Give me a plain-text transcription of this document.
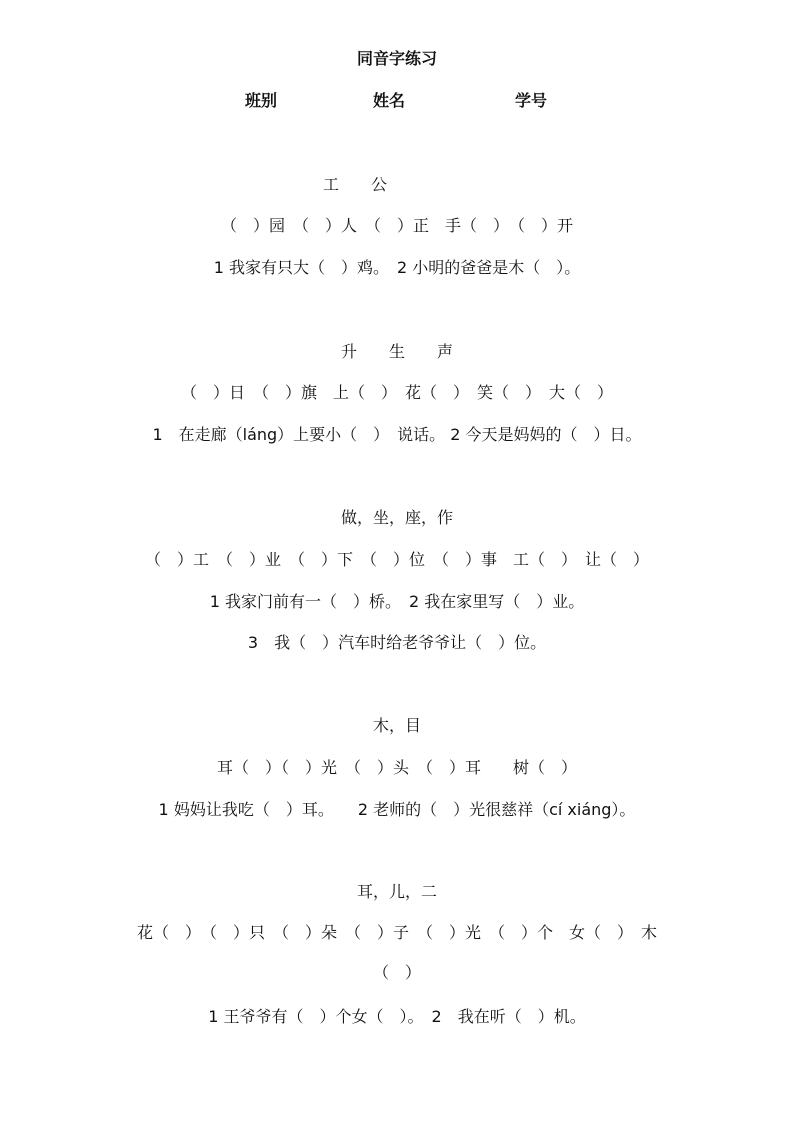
同音字练习
班别	姓名	学号
工　　公
（　）园　（　）人　（　）正　手（　）　（　）开
1 我家有只大（　）鸡。　2 小明的爸爸是木（　）。
升　　生　　声
（　）日　（　）旗　上（　）　花（　）　笑（　）　大（　）
1　在走廊（láng）上要小（　）　说话。 2 今天是妈妈的（　）日。
做，坐，座，作
（　）工　（　）业　（　）下　（　）位　（　）事　工（　）　让（　）
1 我家门前有一（　）桥。　2 我在家里写（　）业。
3　我（　）汽车时给老爷爷让（　）位。
木，目
耳（　）（　）光　（　）头　（　）耳　　树（　）
1 妈妈让我吃（　）耳。　　2 老师的（　）光很慈祥（cí xiáng）。
耳，儿，二
花（　）　（　）只　（　）朵　（　）子　（　）光　（　）个　女（　）　木
（　）
1 王爷爷有（　）个女（　）。　2　我在听（　）机。
